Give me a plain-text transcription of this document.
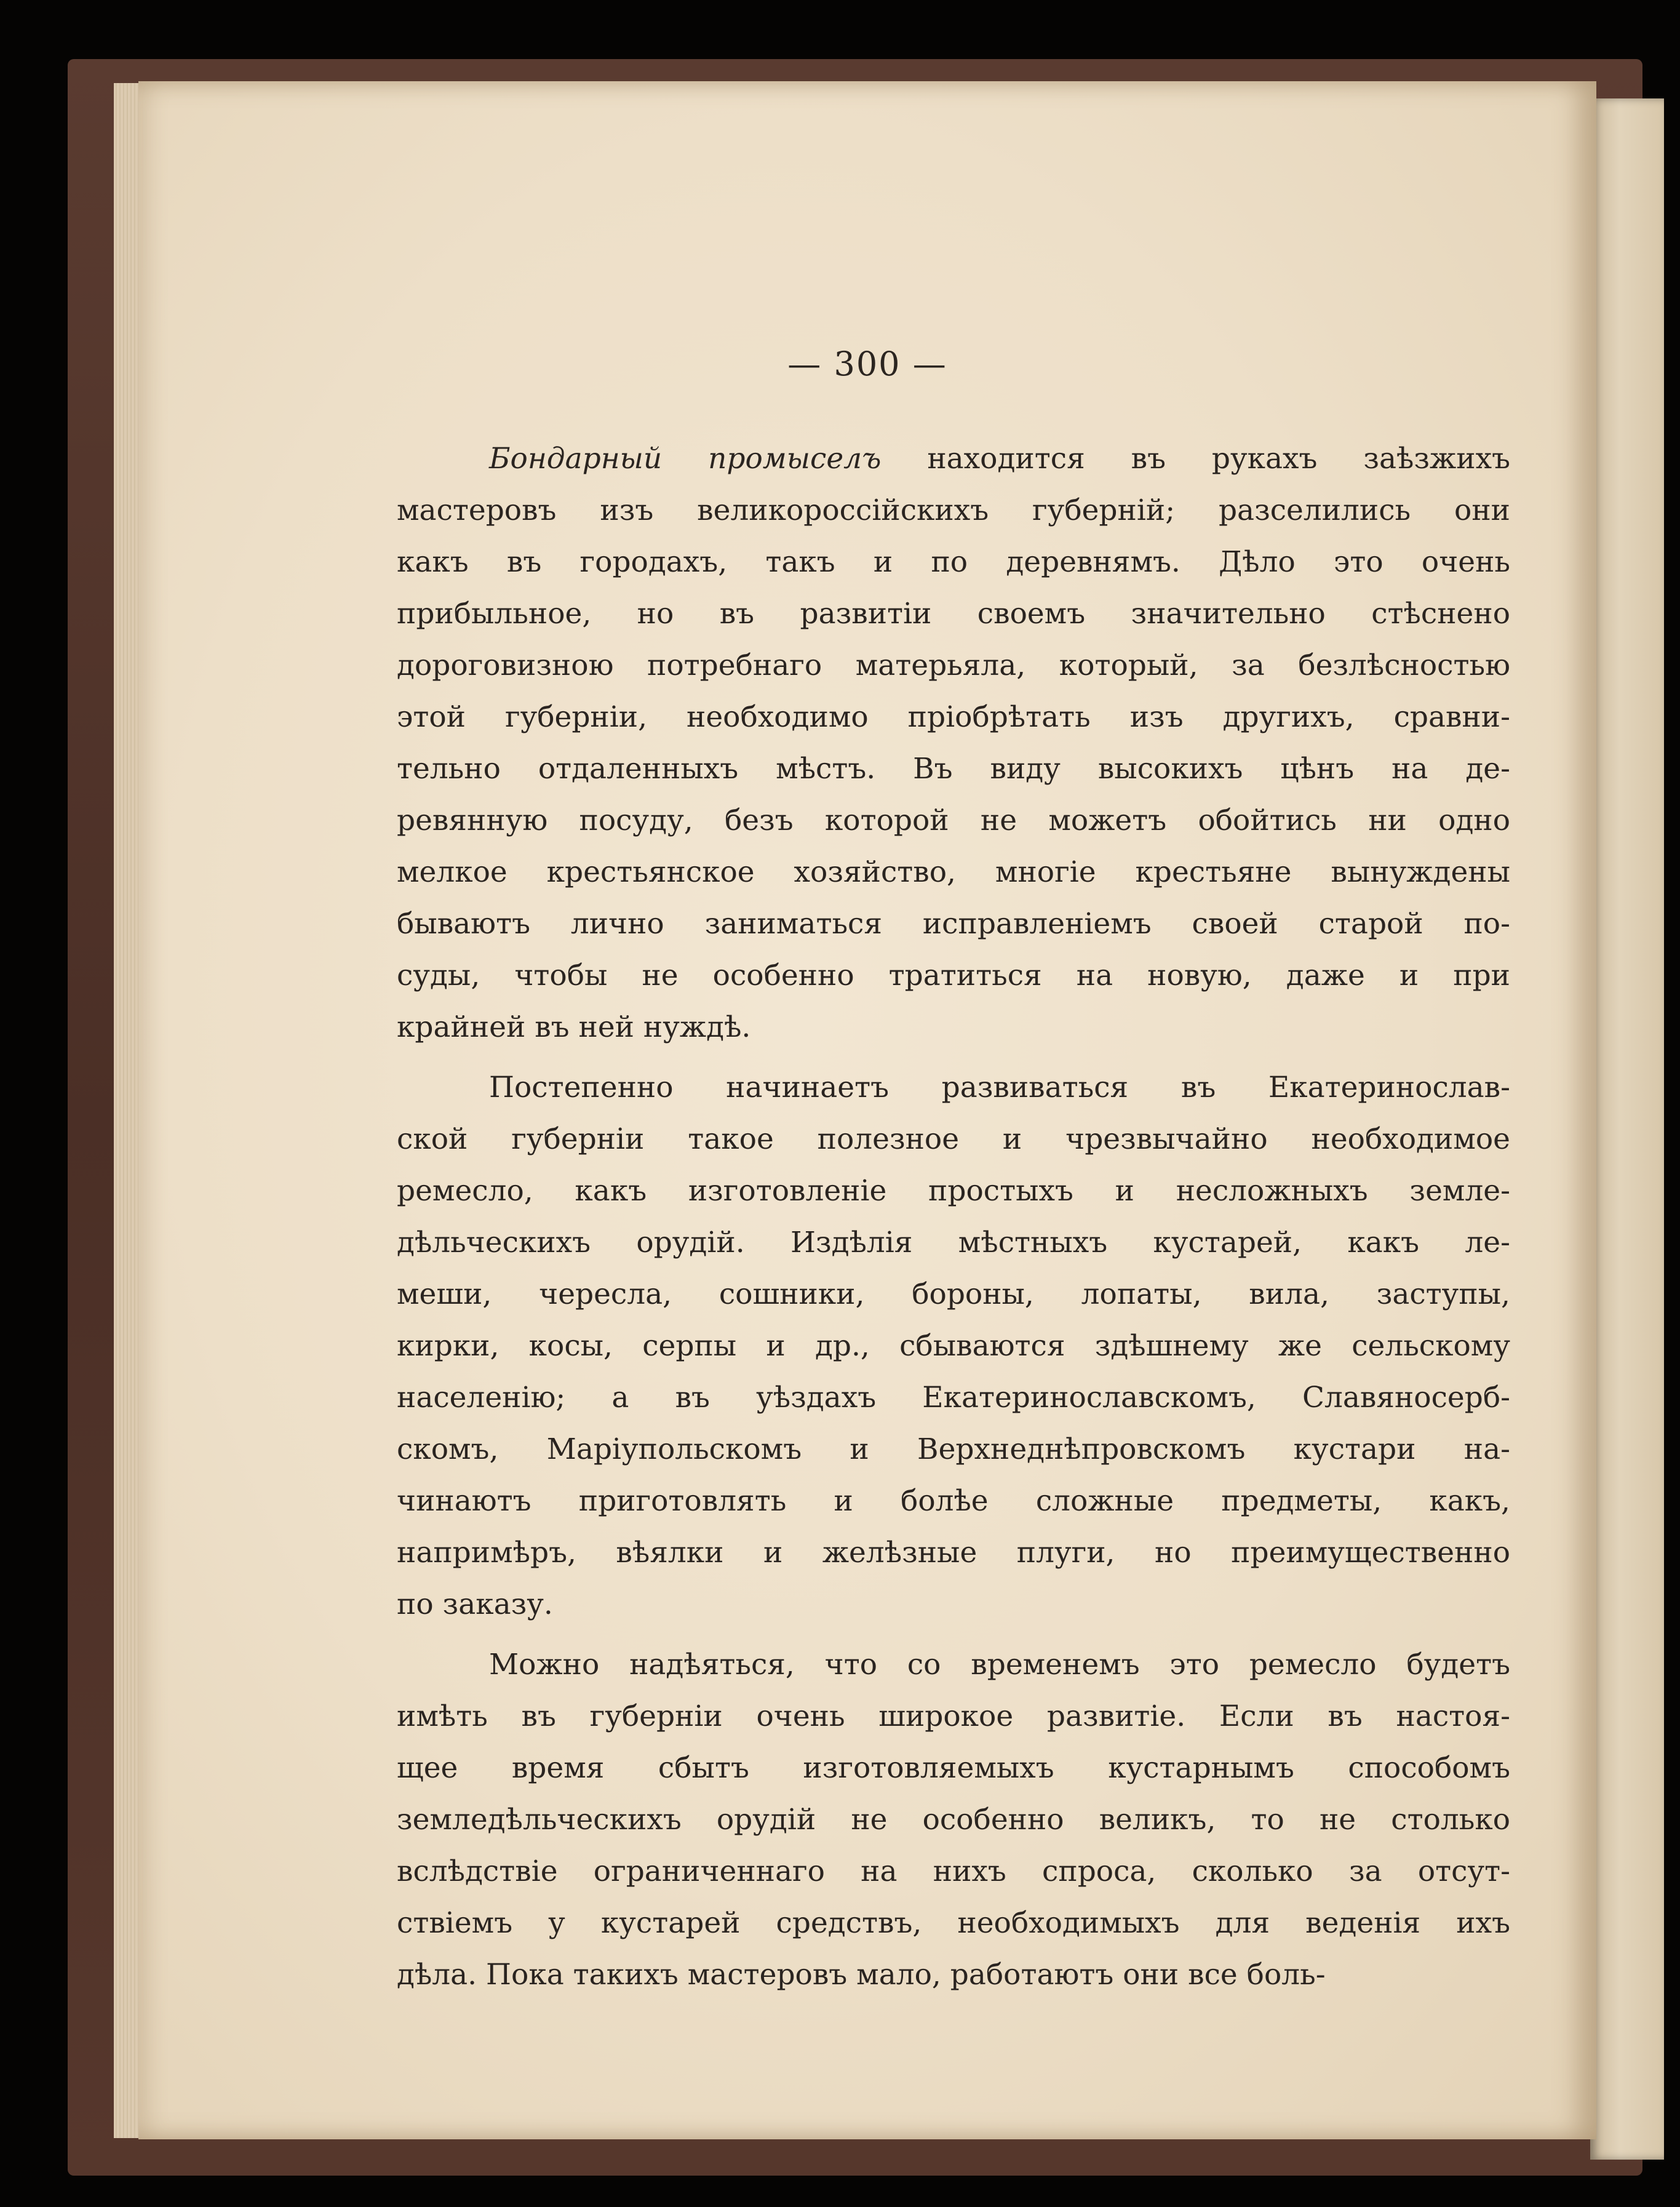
— 300 —
Бондарный промыселъ находится въ рукахъ заѣзжихъ
мастеровъ изъ великороссійскихъ губерній; разселились они
какъ въ городахъ, такъ и по деревнямъ. Дѣло это очень
прибыльное, но въ развитіи своемъ значительно стѣснено
дороговизною потребнаго матерьяла, который, за безлѣсностью
этой губерніи, необходимо пріобрѣтать изъ другихъ, сравни-
тельно отдаленныхъ мѣстъ. Въ виду высокихъ цѣнъ на де-
ревянную посуду, безъ которой не можетъ обойтись ни одно
мелкое крестьянское хозяйство, многіе крестьяне вынуждены
бываютъ лично заниматься исправленіемъ своей старой по-
суды, чтобы не особенно тратиться на новую, даже и при
крайней въ ней нуждѣ.
Постепенно начинаетъ развиваться въ Екатеринослав-
ской губерніи такое полезное и чрезвычайно необходимое
ремесло, какъ изготовленіе простыхъ и несложныхъ земле-
дѣльческихъ орудій. Издѣлія мѣстныхъ кустарей, какъ ле-
меши, чересла, сошники, бороны, лопаты, вила, заступы,
кирки, косы, серпы и др., сбываются здѣшнему же сельскому
населенію; а въ уѣздахъ Екатеринославскомъ, Славяносерб-
скомъ, Маріупольскомъ и Верхнеднѣпровскомъ кустари на-
чинаютъ приготовлять и болѣе сложные предметы, какъ,
напримѣръ, вѣялки и желѣзные плуги, но преимущественно
по заказу.
Можно надѣяться, что со временемъ это ремесло будетъ
имѣть въ губерніи очень широкое развитіе. Если въ настоя-
щее время сбытъ изготовляемыхъ кустарнымъ способомъ
земледѣльческихъ орудій не особенно великъ, то не столько
вслѣдствіе ограниченнаго на нихъ спроса, сколько за отсут-
ствіемъ у кустарей средствъ, необходимыхъ для веденія ихъ
дѣла. Пока такихъ мастеровъ мало, работаютъ они все боль-
